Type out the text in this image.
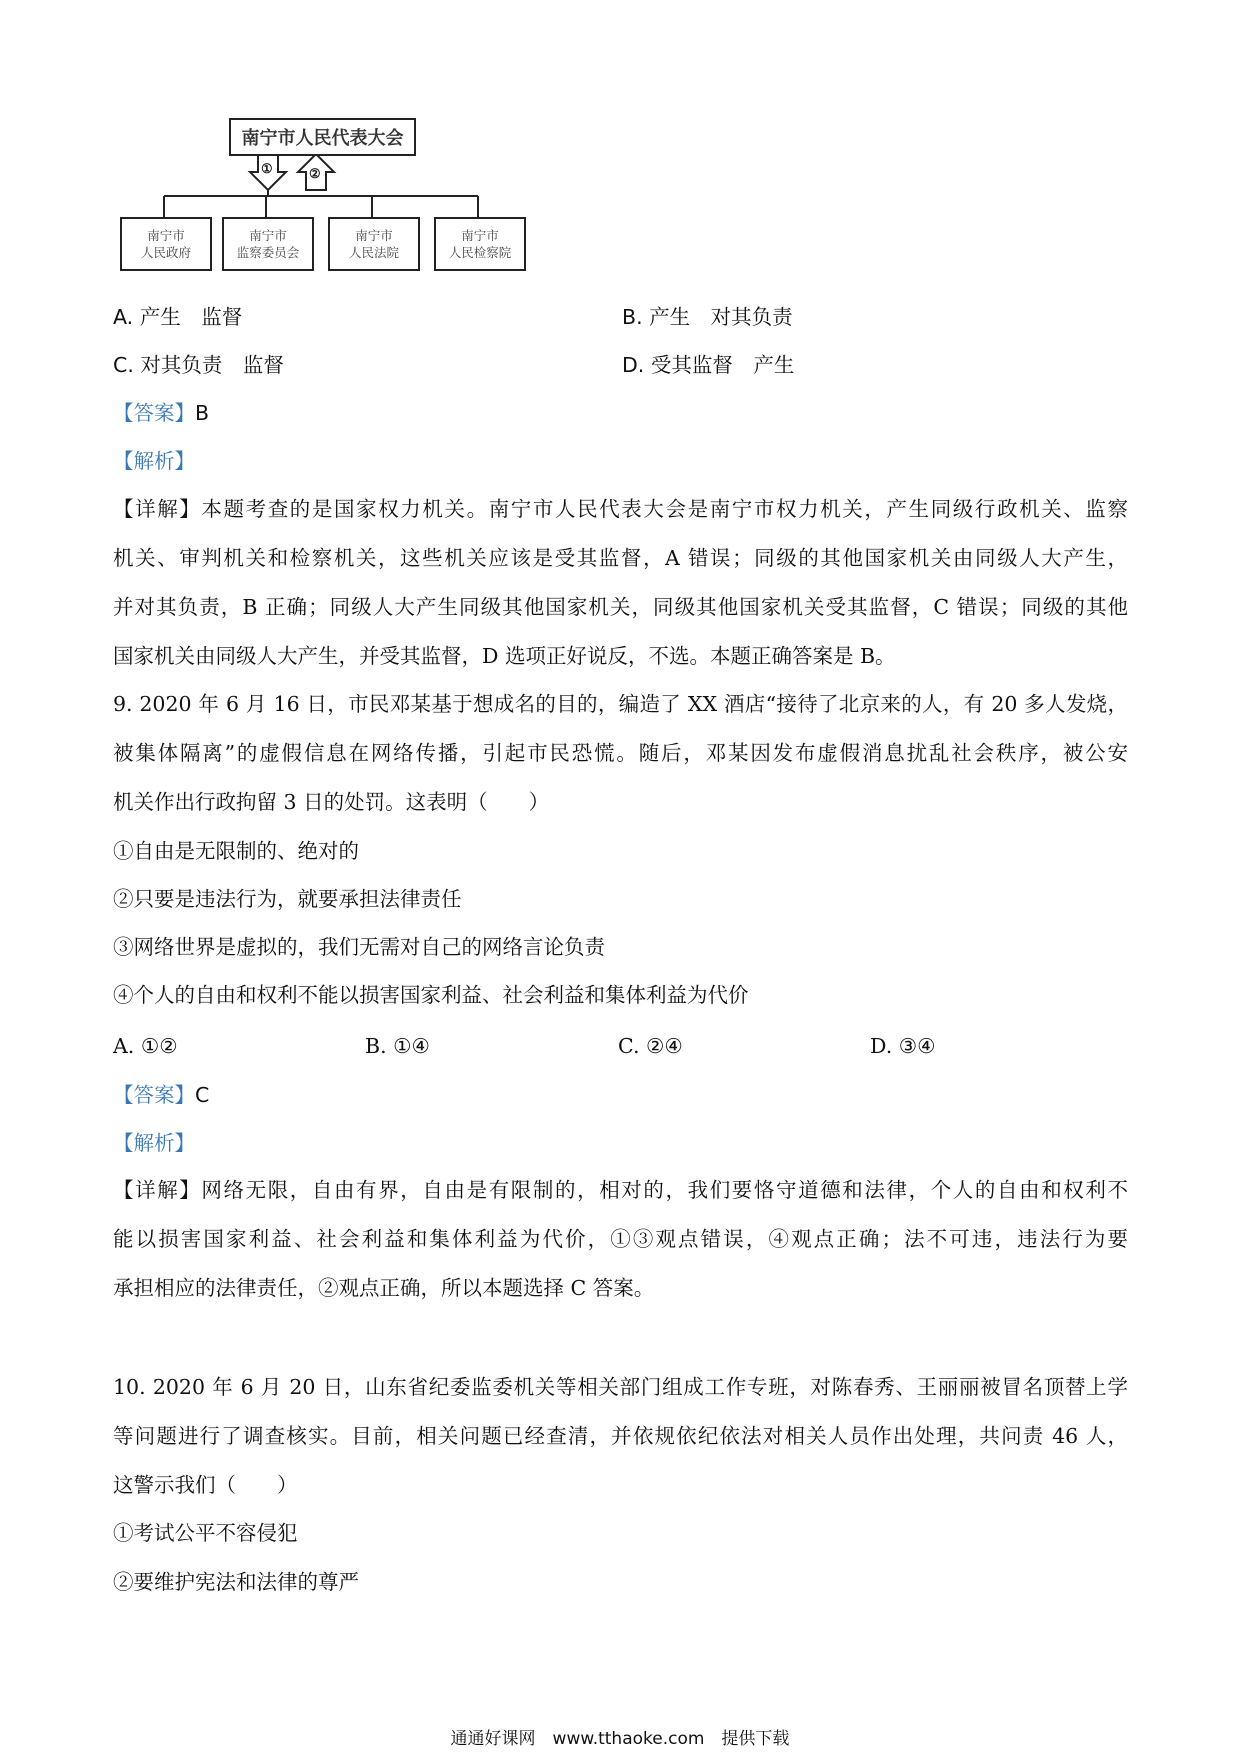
南宁市人民代表大会
①	②
南宁市
人民政府
南宁市
监察委员会
南宁市
人民法院
南宁市
人民检察院
A. 产生　监督	B. 产生　对其负责
C. 对其负责　监督	D. 受其监督　产生
【答案】B
【解析】
【详解】本题考查的是国家权力机关。南宁市人民代表大会是南宁市权力机关，产生同级行政机关、监察
机关、审判机关和检察机关，这些机关应该是受其监督，A 错误；同级的其他国家机关由同级人大产生，
并对其负责，B 正确；同级人大产生同级其他国家机关，同级其他国家机关受其监督，C 错误；同级的其他
国家机关由同级人大产生，并受其监督，D 选项正好说反，不选。本题正确答案是 B。
9. 2020 年 6 月 16 日，市民邓某基于想成名的目的，编造了 XX 酒店“接待了北京来的人，有 20 多人发烧，
被集体隔离”的虚假信息在网络传播，引起市民恐慌。随后，邓某因发布虚假消息扰乱社会秩序，被公安
机关作出行政拘留 3 日的处罚。这表明（　　）
①自由是无限制的、绝对的
②只要是违法行为，就要承担法律责任
③网络世界是虚拟的，我们无需对自己的网络言论负责
④个人的自由和权利不能以损害国家利益、社会利益和集体利益为代价
A. ①②	B. ①④	C. ②④	D. ③④
【答案】C
【解析】
【详解】网络无限，自由有界，自由是有限制的，相对的，我们要恪守道德和法律，个人的自由和权利不
能以损害国家利益、社会利益和集体利益为代价，①③观点错误，④观点正确；法不可违，违法行为要
承担相应的法律责任，②观点正确，所以本题选择 C 答案。
10. 2020 年 6 月 20 日，山东省纪委监委机关等相关部门组成工作专班，对陈春秀、王丽丽被冒名顶替上学
等问题进行了调查核实。目前，相关问题已经查清，并依规依纪依法对相关人员作出处理，共问责 46 人，
这警示我们（　　）
①考试公平不容侵犯
②要维护宪法和法律的尊严
通通好课网　www.tthaoke.com　提供下载
